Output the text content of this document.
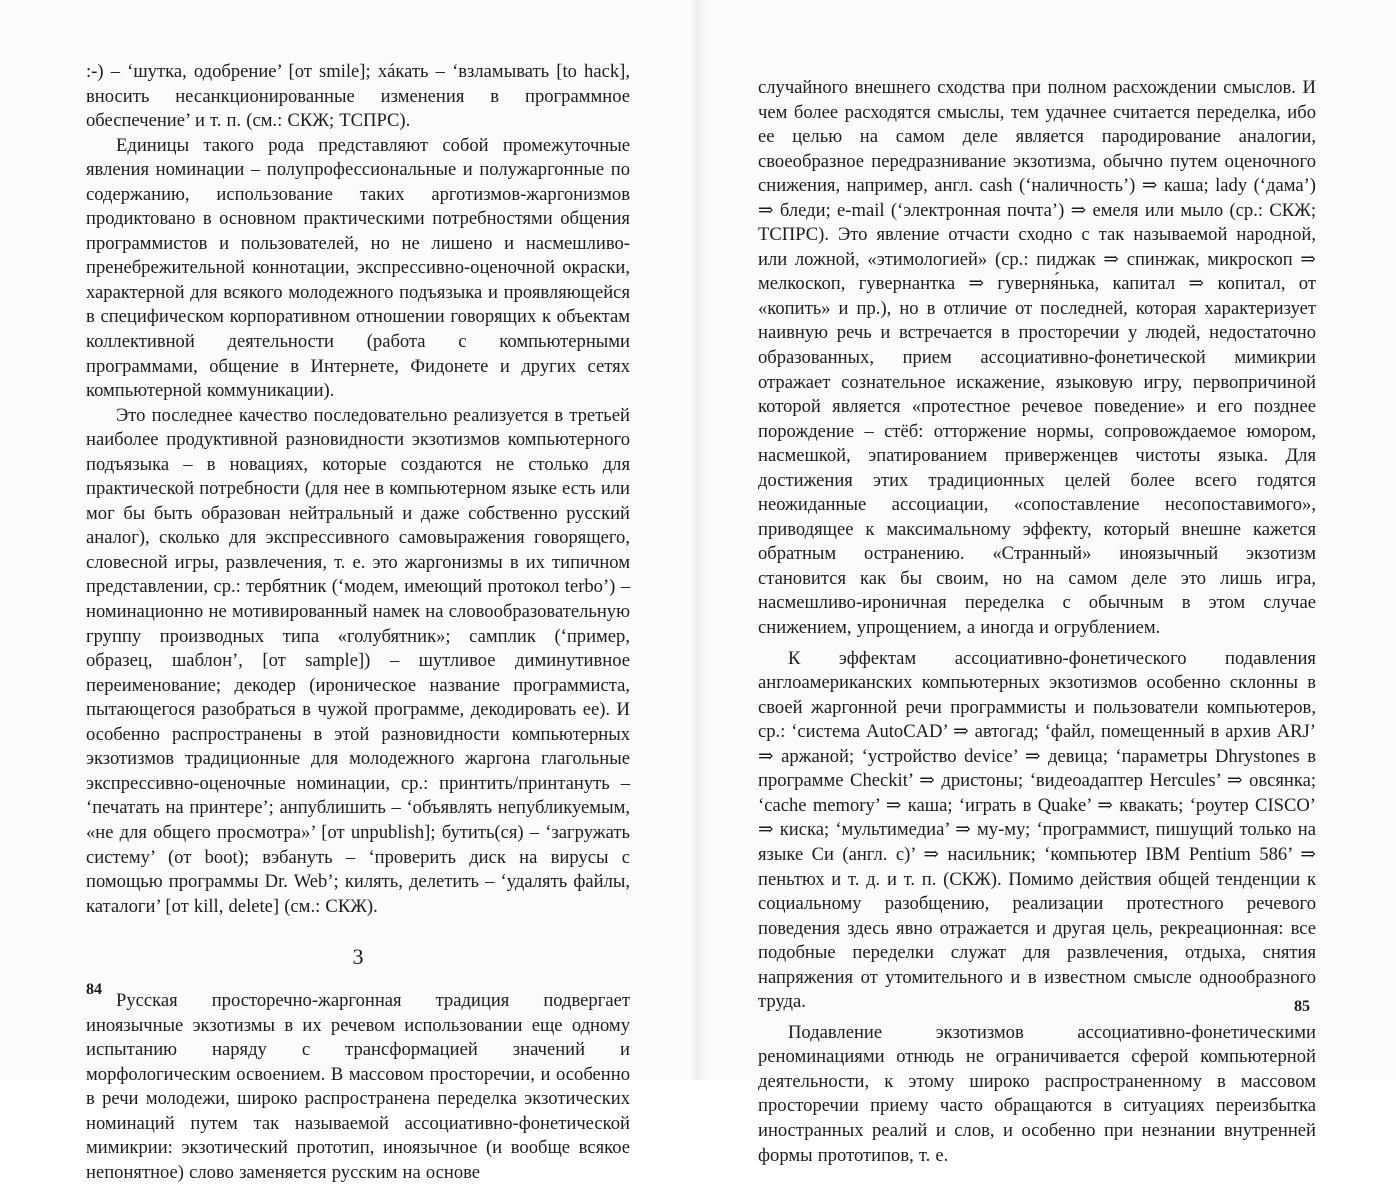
:-) – ‘шутка, одобрение’ [от smile]; хáкать – ‘взламывать [to hack], вносить несанкционированные изменения в программное обеспечение’ и т. п. (см.: СКЖ; ТСПРС).

Единицы такого рода представляют собой промежуточные явления номинации – полупрофессиональные и полужаргонные по содержанию, использование таких арготизмов-жаргонизмов продиктовано в основном практическими потребностями общения программистов и пользователей, но не лишено и насмешливо-пренебрежительной коннотации, экспрессивно-оценочной окраски, характерной для всякого молодежного подъязыка и проявляющейся в специфическом корпоративном отношении говорящих к объектам коллективной деятельности (работа с компьютерными программами, общение в Интернете, Фидонете и других сетях компьютерной коммуникации).

Это последнее качество последовательно реализуется в третьей наиболее продуктивной разновидности экзотизмов компьютерного подъязыка – в новациях, которые создаются не столько для практической потребности (для нее в компьютерном языке есть или мог бы быть образован нейтральный и даже собственно русский аналог), сколько для экспрессивного самовыражения говорящего, словесной игры, развлечения, т. е. это жаргонизмы в их типичном представлении, ср.: тербятник (‘модем, имеющий протокол terbo’) – номинационно не мотивированный намек на словообразовательную группу производных типа «голубятник»; самплик (‘пример, образец, шаблон’, [от sample]) – шутливое диминутивное переименование; декодер (ироническое название программиста, пытающегося разобраться в чужой программе, декодировать ее). И особенно распространены в этой разновидности компьютерных экзотизмов традиционные для молодежного жаргона глагольные экспрессивно-оценочные номинации, ср.: принтить/принтануть – ‘печатать на принтере’; анпублишить – ‘объявлять непубликуемым, «не для общего просмотра»’ [от unpublish]; бутить(ся) – ‘загружать систему’ (от boot); вэбануть – ‘проверить диск на вирусы с помощью программы Dr. Web’; килять, делетить – ‘удалять файлы, каталоги’ [от kill, delete] (см.: СКЖ).

3

Русская просторечно-жаргонная традиция подвергает иноязычные экзотизмы в их речевом использовании еще одному испытанию наряду с трансформацией значений и морфологическим освоением. В массовом просторечии, и особенно в речи молодежи, широко распространена переделка экзотических номинаций путем так называемой ассоциативно-фонетической мимикрии: экзотический прототип, иноязычное (и вообще всякое непонятное) слово заменяется русским на основе

84

случайного внешнего сходства при полном расхождении смыслов. И чем более расходятся смыслы, тем удачнее считается переделка, ибо ее целью на самом деле является пародирование аналогии, своеобразное передразнивание экзотизма, обычно путем оценочного снижения, например, англ. cash (‘наличность’) ⇒ каша; lady (‘дама’) ⇒ бледи; e-mail (‘электронная почта’) ⇒ емеля или мыло (ср.: СКЖ; ТСПРС). Это явление отчасти сходно с так называемой народной, или ложной, «этимологией» (ср.: пиджак ⇒ спинжак, микроскоп ⇒ мелкоскоп, гувернантка ⇒ гуверня́нька, капитал ⇒ копитал, от «копить» и пр.), но в отличие от последней, которая характеризует наивную речь и встречается в просторечии у людей, недостаточно образованных, прием ассоциативно-фонетической мимикрии отражает сознательное искажение, языковую игру, первопричиной которой является «протестное речевое поведение» и его позднее порождение – стёб: отторжение нормы, сопровождаемое юмором, насмешкой, эпатированием приверженцев чистоты языка. Для достижения этих традиционных целей более всего годятся неожиданные ассоциации, «сопоставление несопоставимого», приводящее к максимальному эффекту, который внешне кажется обратным остранению. «Странный» иноязычный экзотизм становится как бы своим, но на самом деле это лишь игра, насмешливо-ироничная переделка с обычным в этом случае снижением, упрощением, а иногда и огрублением.

К эффектам ассоциативно-фонетического подавления англоамериканских компьютерных экзотизмов особенно склонны в своей жаргонной речи программисты и пользователи компьютеров, ср.: ‘система AutoCAD’ ⇒ автогад; ‘файл, помещенный в архив ARJ’ ⇒ аржаной; ‘устройство device’ ⇒ девица; ‘параметры Dhrystones в программе Checkit’ ⇒ дристоны; ‘видеоадаптер Hercules’ ⇒ овсянка; ‘cache memory’ ⇒ каша; ‘играть в Quake’ ⇒ квакать; ‘роутер CISCO’ ⇒ киска; ‘мультимедиа’ ⇒ му-му; ‘программист, пишущий только на языке Си (англ. c)’ ⇒ насильник; ‘компьютер IBM Pentium 586’ ⇒ пеньтюх и т. д. и т. п. (СКЖ). Помимо действия общей тенденции к социальному разобщению, реализации протестного речевого поведения здесь явно отражается и другая цель, рекреационная: все подобные переделки служат для развлечения, отдыха, снятия напряжения от утомительного и в известном смысле однообразного труда.

Подавление экзотизмов ассоциативно-фонетическими реноминациями отнюдь не ограничивается сферой компьютерной деятельности, к этому широко распространенному в массовом просторечии приему часто обращаются в ситуациях переизбытка иностранных реалий и слов, и особенно при незнании внутренней формы прототипов, т. е.

85
